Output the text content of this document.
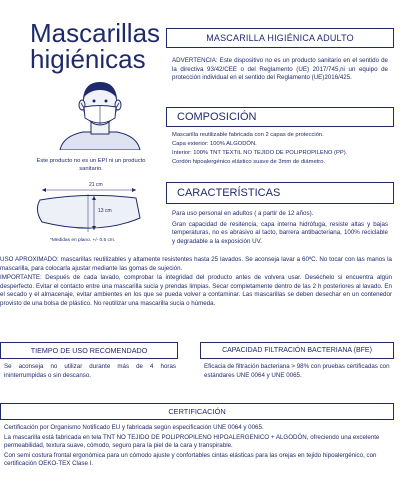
Mascarillas
higiénicas
Este producto no es un EPI ni un producto sanitario.
21 cm
13 cm
*Medidas en plano. +/- 0,5 cm.
MASCARILLA HIGIÉNICA ADULTO
ADVERTENCIA: Este dispositivo no es un producto sanitario en el sentido de la directiva 93/42/CEE o del Reglamento (UE) 2017/745,ni un equipo de protección individual en el sentido del Reglamento (UE)2016/425.
COMPOSICIÓN

Mascarilla reutilizable fabricada con 2 capas de protección.

Capa exterior: 100% ALGODÓN.

Interior: 100% TNT TEXTIL NO TEJIDO DE POLIPROPILENO (PP).

Cordón hipoalergénico elástico suave de 3mm de diámetro.

CARACTERÍSTICAS

Para uso personal en adultos ( a partir de 12 años).

Gran capacidad de resitencia, capa interna hidrófuga, resiste altas y bajas temperaturas, no es abrasivo al tacto, barrera antibacteriana, 100% reciclable y degradable a la exposición UV.

USO APROXIMADO: mascarillas reutilizables y altamente resistentes hasta 25 lavados. Se aconseja lavar a 60ºC. No tocar con las manos la mascarilla, para colocarla ajustar mediante las gomas de sujeción.

IMPORTANTE: Después de cada lavado, comprobar la integridad del producto antes de volvera usar. Deséchelo si encuentra algún desperfecto. Evitar el contacto entre una mascarilla sucia y prendas limpias. Secar completamente dentro de las 2 h posteriores al lavado. En el secado y el almacenaje, evitar ambientes en los que se pueda volver a contaminar. Las mascarillas se deben desechar en un contenedor provisto de una bolsa de plástico. No reutilizar una mascarilla sucia o húmeda.

TIEMPO DE USO RECOMENDADO
Se aconseja no utilizar durante más de 4 horas ininterrumpidas o sin descanso.
CAPACIDAD FILTRACIÓN BACTERIANA (BFE)
Eficacia de filtración bacteriana > 98% con pruebas certificadas con estándares UNE 0064 y UNE 0065.
CERTIFICACIÓN

Certificación por Organismo Notificado EU y fabricada según especificación UNE 0064 y 0065.

La mascarilla está fabricada en tela TNT NO TEJIDO DE POLIPROPILENO HIPOALERGENICO + ALGODÓN, ofreciendo una excelente permeabilidad, textura suave, cómodo, seguro para la piel de la cara y transpirable.

Con semi costura frontal ergonómica para un cómodo ajuste y confortables cintas elásticas para las orejas en tejido hipoalergénico, con certificación OEKO-TEX Clase I.
